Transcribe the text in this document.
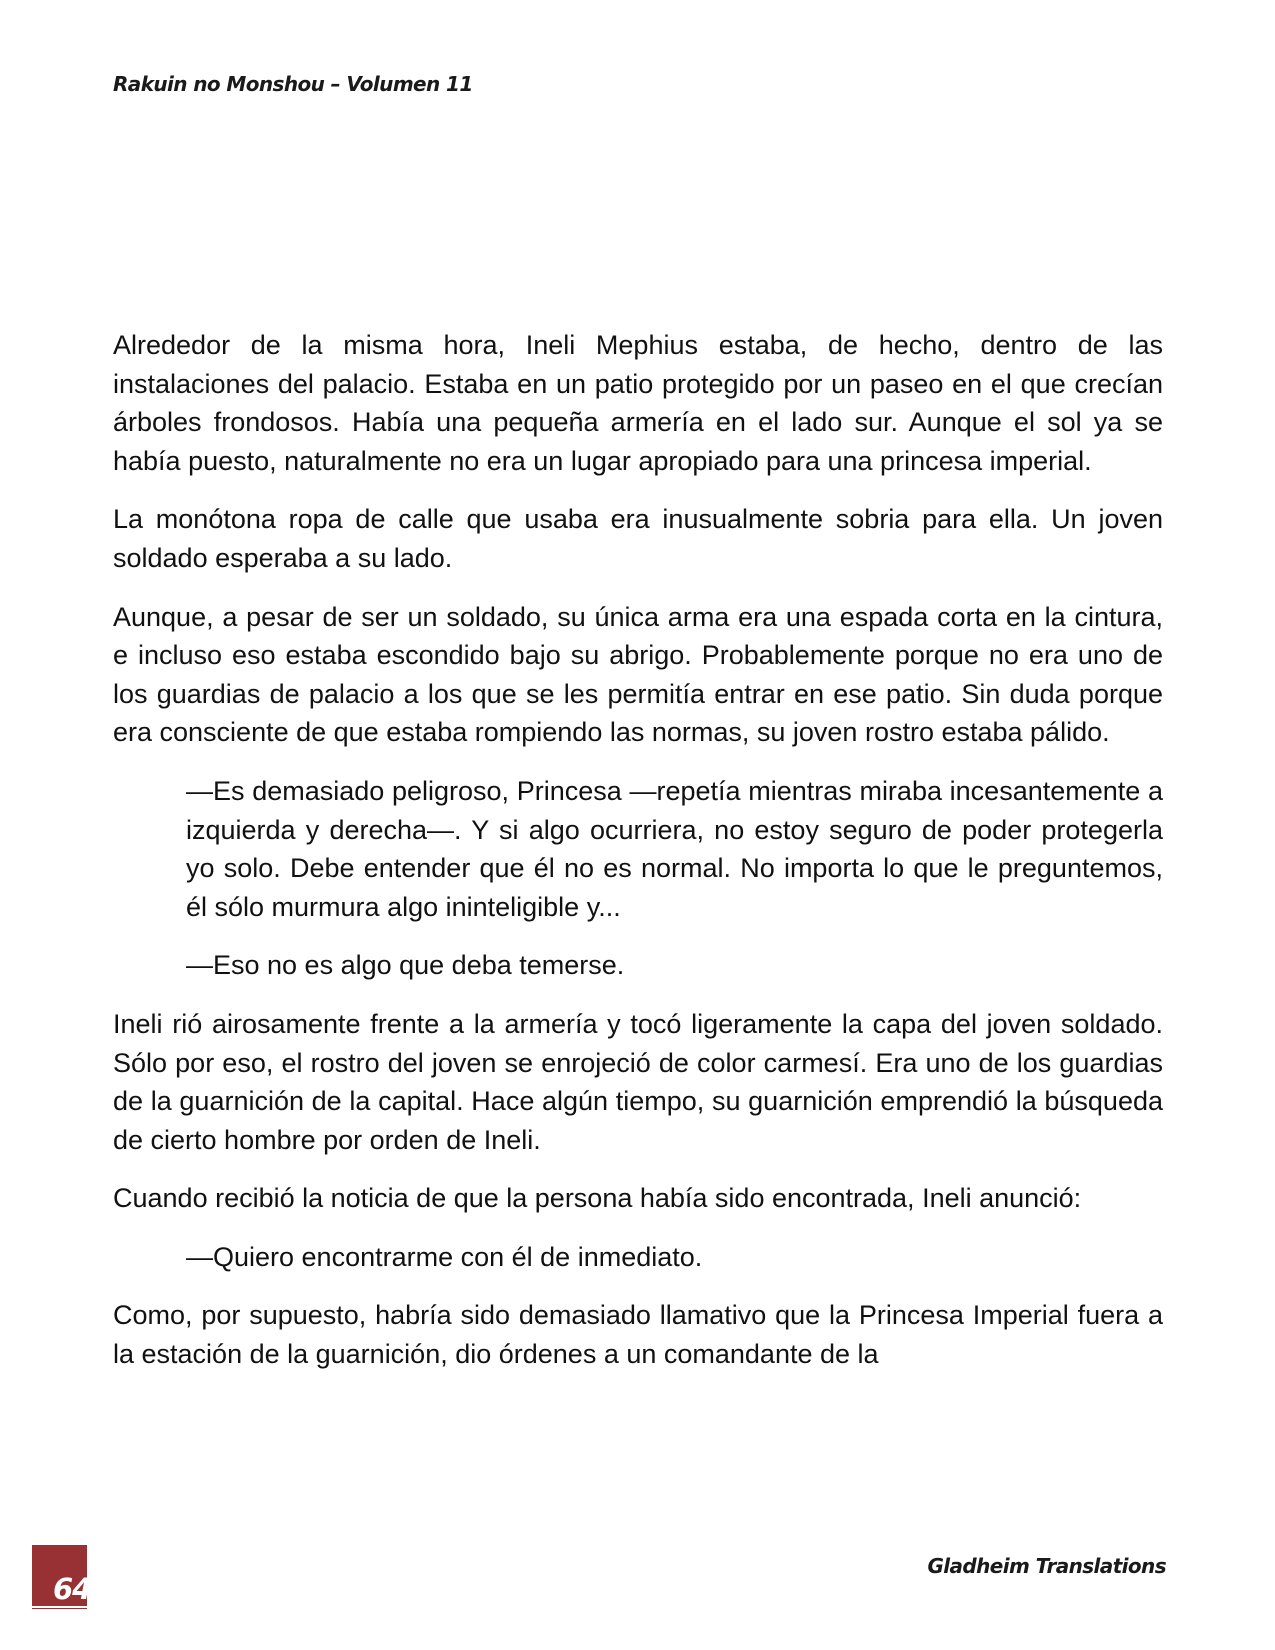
Rakuin no Monshou – Volumen 11

Alrededor de la misma hora, Ineli Mephius estaba, de hecho, dentro de las instalaciones del palacio. Estaba en un patio protegido por un paseo en el que crecían árboles frondosos. Había una pequeña armería en el lado sur. Aunque el sol ya se había puesto, naturalmente no era un lugar apropiado para una princesa imperial.

La monótona ropa de calle que usaba era inusualmente sobria para ella. Un joven soldado esperaba a su lado.

Aunque, a pesar de ser un soldado, su única arma era una espada corta en la cintura, e incluso eso estaba escondido bajo su abrigo. Probablemente porque no era uno de los guardias de palacio a los que se les permitía entrar en ese patio. Sin duda porque era consciente de que estaba rompiendo las normas, su joven rostro estaba pálido.

—Es demasiado peligroso, Princesa —repetía mientras miraba incesantemente a izquierda y derecha—. Y si algo ocurriera, no estoy seguro de poder protegerla yo solo. Debe entender que él no es normal. No importa lo que le preguntemos, él sólo murmura algo ininteligible y...

—Eso no es algo que deba temerse.

Ineli rió airosamente frente a la armería y tocó ligeramente la capa del joven soldado. Sólo por eso, el rostro del joven se enrojeció de color carmesí. Era uno de los guardias de la guarnición de la capital. Hace algún tiempo, su guarnición emprendió la búsqueda de cierto hombre por orden de Ineli.

Cuando recibió la noticia de que la persona había sido encontrada, Ineli anunció:

—Quiero encontrarme con él de inmediato.

Como, por supuesto, habría sido demasiado llamativo que la Princesa Imperial fuera a la estación de la guarnición, dio órdenes a un comandante de la

64
Gladheim Translations
